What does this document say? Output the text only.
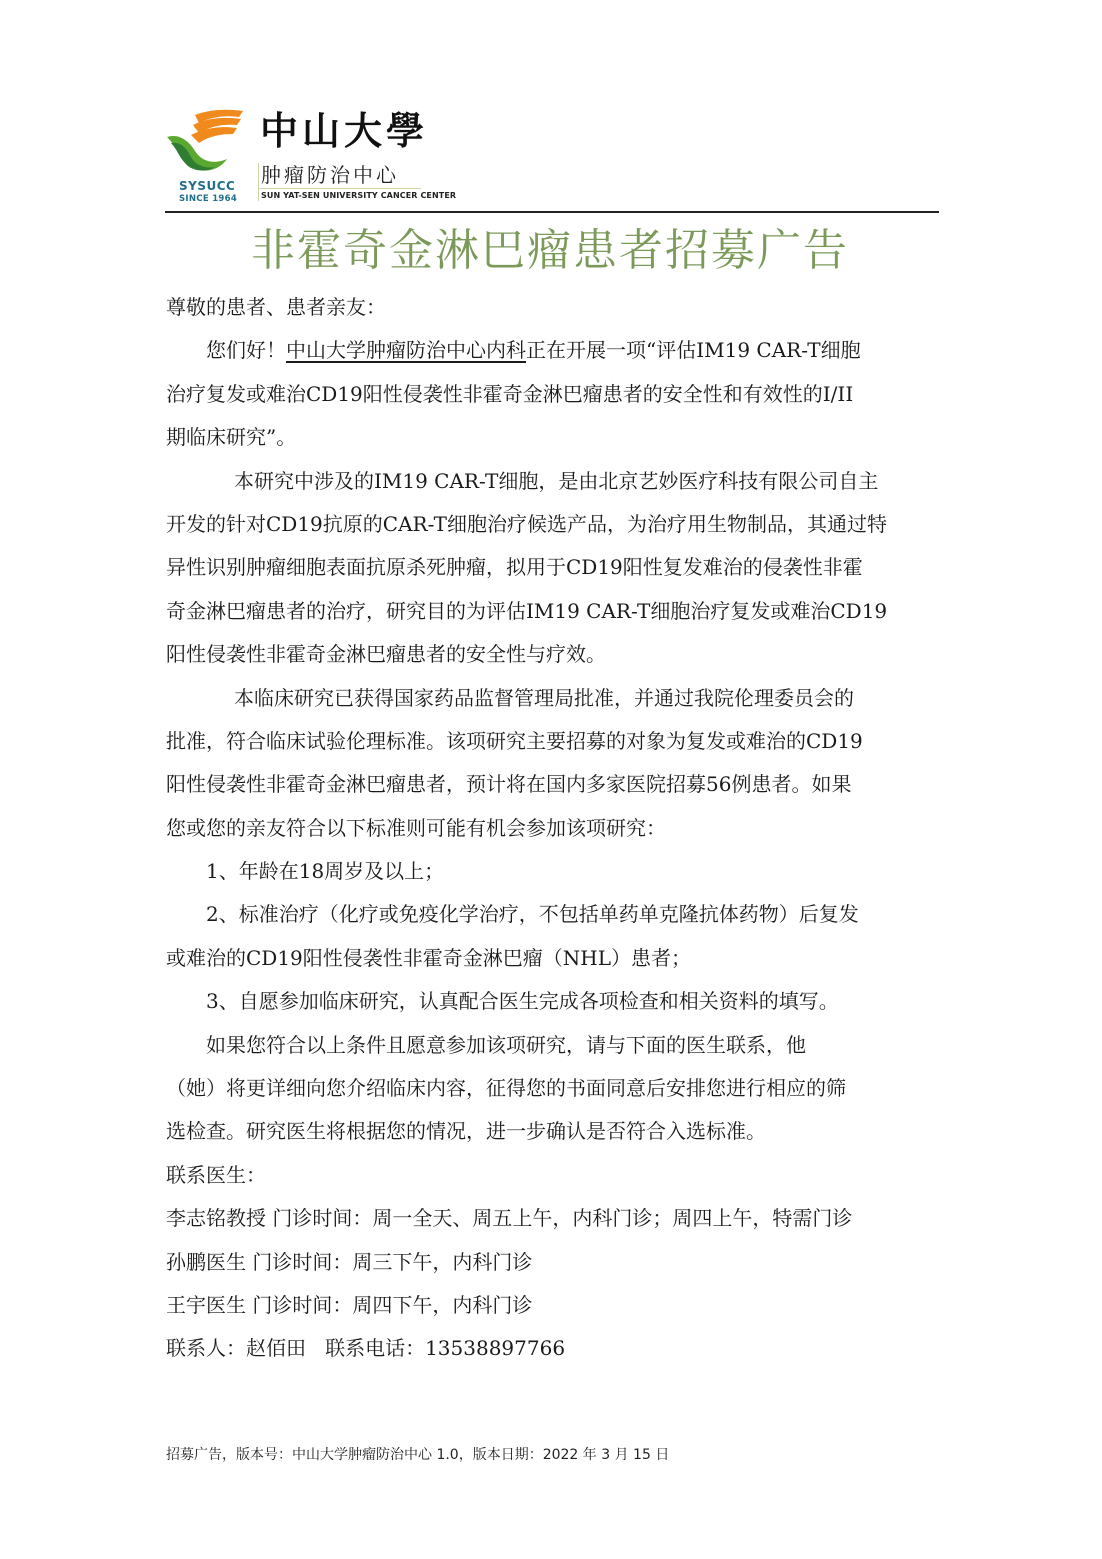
SYSUCC
SINCE 1964
中山大學
肿瘤防治中心
SUN YAT-SEN UNIVERSITY CANCER CENTER
非霍奇金淋巴瘤患者招募广告
尊敬的患者、患者亲友：
您们好！中山大学肿瘤防治中心内科正在开展一项“评估IM19 CAR-T细胞
治疗复发或难治CD19阳性侵袭性非霍奇金淋巴瘤患者的安全性和有效性的I/II
期临床研究”。
本研究中涉及的IM19 CAR-T细胞，是由北京艺妙医疗科技有限公司自主
开发的针对CD19抗原的CAR-T细胞治疗候选产品，为治疗用生物制品，其通过特
异性识别肿瘤细胞表面抗原杀死肿瘤，拟用于CD19阳性复发难治的侵袭性非霍
奇金淋巴瘤患者的治疗，研究目的为评估IM19 CAR-T细胞治疗复发或难治CD19
阳性侵袭性非霍奇金淋巴瘤患者的安全性与疗效。
本临床研究已获得国家药品监督管理局批准，并通过我院伦理委员会的
批准，符合临床试验伦理标准。该项研究主要招募的对象为复发或难治的CD19
阳性侵袭性非霍奇金淋巴瘤患者，预计将在国内多家医院招募56例患者。如果
您或您的亲友符合以下标准则可能有机会参加该项研究：
1、年龄在18周岁及以上；
2、标准治疗（化疗或免疫化学治疗，不包括单药单克隆抗体药物）后复发
或难治的CD19阳性侵袭性非霍奇金淋巴瘤（NHL）患者；
3、自愿参加临床研究，认真配合医生完成各项检查和相关资料的填写。
如果您符合以上条件且愿意参加该项研究，请与下面的医生联系，他
（她）将更详细向您介绍临床内容，征得您的书面同意后安排您进行相应的筛
选检查。研究医生将根据您的情况，进一步确认是否符合入选标准。
联系医生：
李志铭教授 门诊时间：周一全天、周五上午，内科门诊；周四上午，特需门诊
孙鹏医生 门诊时间：周三下午，内科门诊
王宇医生 门诊时间：周四下午，内科门诊
联系人：赵佰田   联系电话：13538897766
招募广告，版本号：中山大学肿瘤防治中心 1.0，版本日期：2022 年 3 月 15 日
